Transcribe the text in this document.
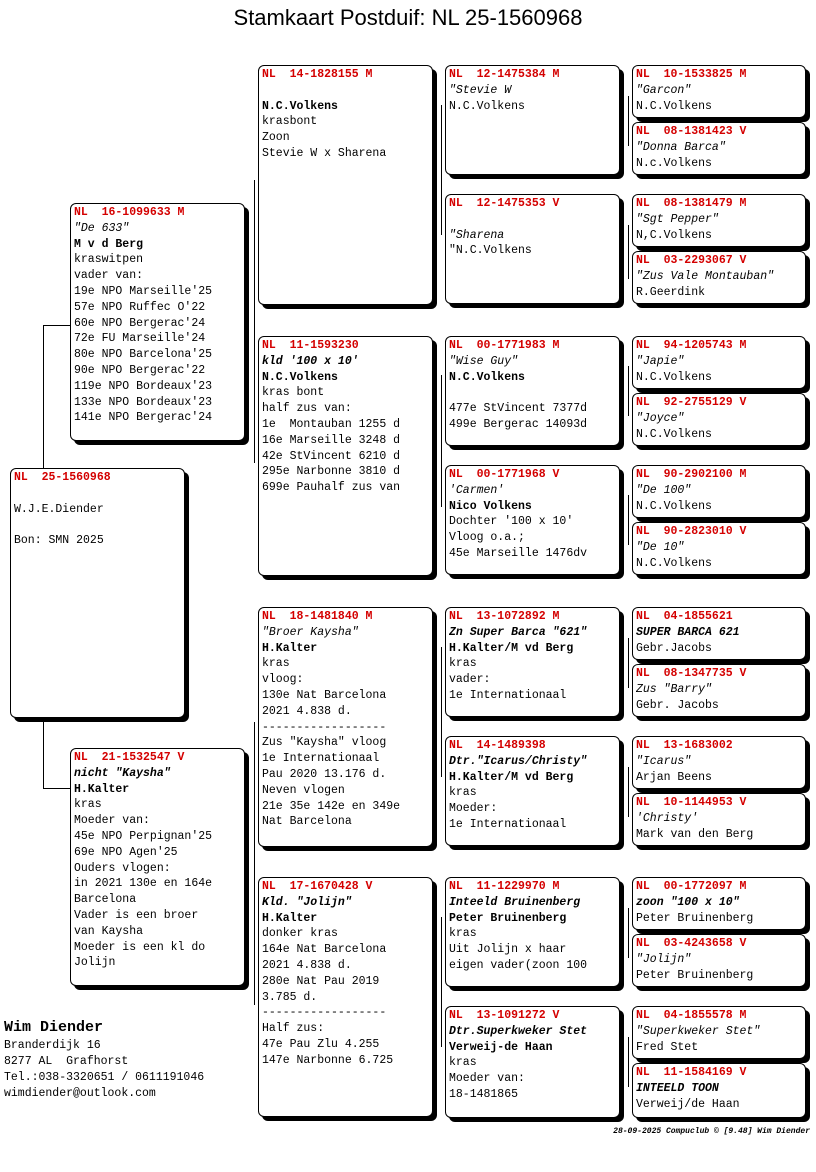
Stamkaart Postduif: NL 25-1560968
NL  25-1560968

W.J.E.Diender

Bon: SMN 2025
NL  16-1099633 M
"De 633"
M v d Berg
kraswitpen
vader van:
19e NPO Marseille'25
57e NPO Ruffec O'22
60e NPO Bergerac'24
72e FU Marseille'24
80e NPO Barcelona'25
90e NPO Bergerac'22
119e NPO Bordeaux'23
133e NPO Bordeaux'23
141e NPO Bergerac'24
NL  21-1532547 V
nicht "Kaysha"
H.Kalter
kras
Moeder van:
45e NPO Perpignan'25
69e NPO Agen'25
Ouders vlogen:
in 2021 130e en 164e
Barcelona
Vader is een broer
van Kaysha
Moeder is een kl do
Jolijn
NL  14-1828155 M

N.C.Volkens
krasbont
Zoon
Stevie W x Sharena
NL  11-1593230
kld '100 x 10'
N.C.Volkens
kras bont
half zus van:
1e  Montauban 1255 d
16e Marseille 3248 d
42e StVincent 6210 d
295e Narbonne 3810 d
699e Pauhalf zus van
NL  18-1481840 M
"Broer Kaysha"
H.Kalter
kras
vloog:
130e Nat Barcelona
2021 4.838 d.
------------------
Zus "Kaysha" vloog
1e Internationaal
Pau 2020 13.176 d.
Neven vlogen
21e 35e 142e en 349e
Nat Barcelona
NL  17-1670428 V
Kld. "Jolijn"
H.Kalter
donker kras
164e Nat Barcelona
2021 4.838 d.
280e Nat Pau 2019
3.785 d.
------------------
Half zus:
47e Pau Zlu 4.255
147e Narbonne 6.725
NL  12-1475384 M
"Stevie W
N.C.Volkens
NL  12-1475353 V

"Sharena
"N.C.Volkens
NL  00-1771983 M
"Wise Guy"
N.C.Volkens

477e StVincent 7377d
499e Bergerac 14093d
NL  00-1771968 V
'Carmen'
Nico Volkens
Dochter '100 x 10'
Vloog o.a.;
45e Marseille 1476dv
NL  13-1072892 M
Zn Super Barca "621"
H.Kalter/M vd Berg
kras
vader:
1e Internationaal
NL  14-1489398
Dtr."Icarus/Christy"
H.Kalter/M vd Berg
kras
Moeder:
1e Internationaal
NL  11-1229970 M
Inteeld Bruinenberg
Peter Bruinenberg
kras
Uit Jolijn x haar
eigen vader(zoon 100
NL  13-1091272 V
Dtr.Superkweker Stet
Verweij-de Haan
kras
Moeder van:
18-1481865
NL  10-1533825 M
"Garcon"
N.C.Volkens
NL  08-1381423 V
"Donna Barca"
N.c.Volkens
NL  08-1381479 M
"Sgt Pepper"
N,C.Volkens
NL  03-2293067 V
"Zus Vale Montauban"
R.Geerdink
NL  94-1205743 M
"Japie"
N.C.Volkens
NL  92-2755129 V
"Joyce"
N.C.Volkens
NL  90-2902100 M
"De 100"
N.C.Volkens
NL  90-2823010 V
"De 10"
N.C.Volkens
NL  04-1855621
SUPER BARCA 621
Gebr.Jacobs
NL  08-1347735 V
Zus "Barry"
Gebr. Jacobs
NL  13-1683002
"Icarus"
Arjan Beens
NL  10-1144953 V
'Christy'
Mark van den Berg
NL  00-1772097 M
zoon "100 x 10"
Peter Bruinenberg
NL  03-4243658 V
"Jolijn"
Peter Bruinenberg
NL  04-1855578 M
"Superkweker Stet"
Fred Stet
NL  11-1584169 V
INTEELD TOON
Verweij/de Haan
Wim Diender
Branderdijk 16
8277 AL  Grafhorst
Tel.:038-3320651 / 0611191046
wimdiender@outlook.com
28-09-2025 Compuclub © [9.48] Wim Diender
